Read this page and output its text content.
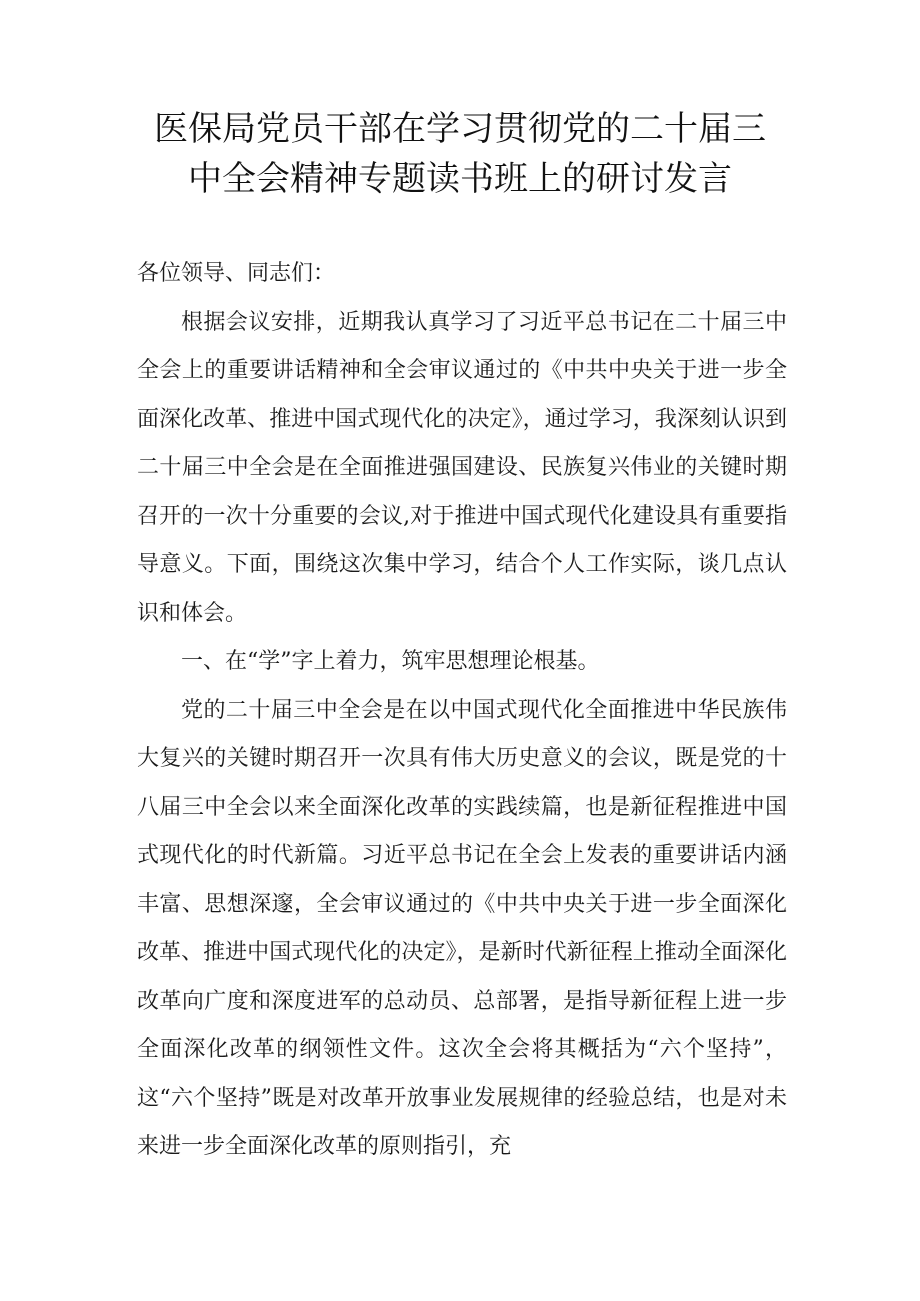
医保局党员干部在学习贯彻党的二十届三
中全会精神专题读书班上的研讨发言

各位领导、同志们：

根据会议安排，近期我认真学习了习近平总书记在二十届三中全会上的重要讲话精神和全会审议通过的《中共中央关于进一步全面深化改革、推进中国式现代化的决定》，通过学习，我深刻认识到二十届三中全会是在全面推进强国建设、民族复兴伟业的关键时期召开的一次十分重要的会议,对于推进中国式现代化建设具有重要指导意义。下面，围绕这次集中学习，结合个人工作实际，谈几点认识和体会。

一、在“学”字上着力，筑牢思想理论根基。

党的二十届三中全会是在以中国式现代化全面推进中华民族伟大复兴的关键时期召开一次具有伟大历史意义的会议，既是党的十八届三中全会以来全面深化改革的实践续篇，也是新征程推进中国式现代化的时代新篇。习近平总书记在全会上发表的重要讲话内涵丰富、思想深邃，全会审议通过的《中共中央关于进一步全面深化改革、推进中国式现代化的决定》，是新时代新征程上推动全面深化改革向广度和深度进军的总动员、总部署，是指导新征程上进一步全面深化改革的纲领性文件。这次全会将其概括为“六个坚持”，这“六个坚持”既是对改革开放事业发展规律的经验总结，也是对未来进一步全面深化改革的原则指引，充
